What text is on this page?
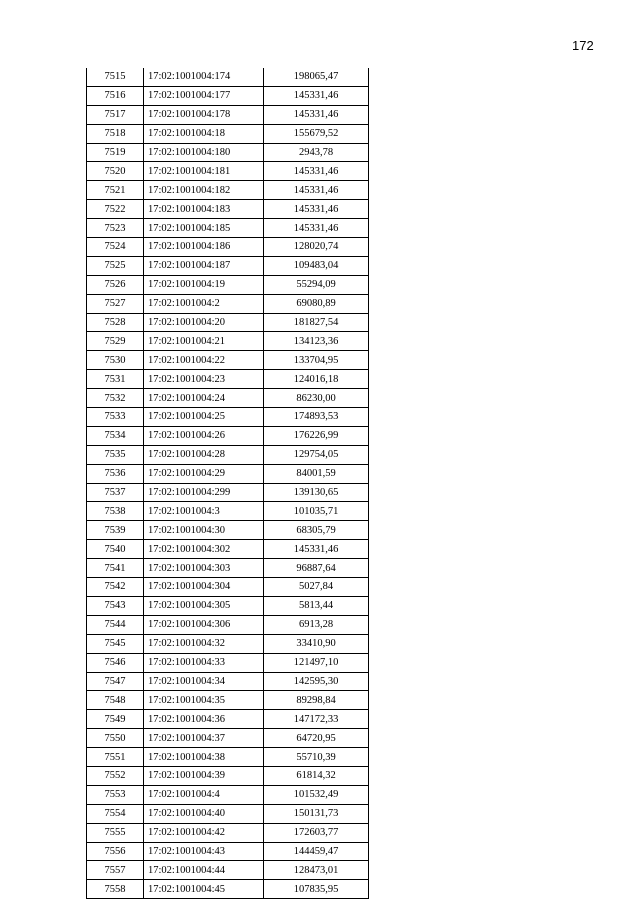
172
7515	17:02:1001004:174	198065,47
7516	17:02:1001004:177	145331,46
7517	17:02:1001004:178	145331,46
7518	17:02:1001004:18	155679,52
7519	17:02:1001004:180	2943,78
7520	17:02:1001004:181	145331,46
7521	17:02:1001004:182	145331,46
7522	17:02:1001004:183	145331,46
7523	17:02:1001004:185	145331,46
7524	17:02:1001004:186	128020,74
7525	17:02:1001004:187	109483,04
7526	17:02:1001004:19	55294,09
7527	17:02:1001004:2	69080,89
7528	17:02:1001004:20	181827,54
7529	17:02:1001004:21	134123,36
7530	17:02:1001004:22	133704,95
7531	17:02:1001004:23	124016,18
7532	17:02:1001004:24	86230,00
7533	17:02:1001004:25	174893,53
7534	17:02:1001004:26	176226,99
7535	17:02:1001004:28	129754,05
7536	17:02:1001004:29	84001,59
7537	17:02:1001004:299	139130,65
7538	17:02:1001004:3	101035,71
7539	17:02:1001004:30	68305,79
7540	17:02:1001004:302	145331,46
7541	17:02:1001004:303	96887,64
7542	17:02:1001004:304	5027,84
7543	17:02:1001004:305	5813,44
7544	17:02:1001004:306	6913,28
7545	17:02:1001004:32	33410,90
7546	17:02:1001004:33	121497,10
7547	17:02:1001004:34	142595,30
7548	17:02:1001004:35	89298,84
7549	17:02:1001004:36	147172,33
7550	17:02:1001004:37	64720,95
7551	17:02:1001004:38	55710,39
7552	17:02:1001004:39	61814,32
7553	17:02:1001004:4	101532,49
7554	17:02:1001004:40	150131,73
7555	17:02:1001004:42	172603,77
7556	17:02:1001004:43	144459,47
7557	17:02:1001004:44	128473,01
7558	17:02:1001004:45	107835,95
